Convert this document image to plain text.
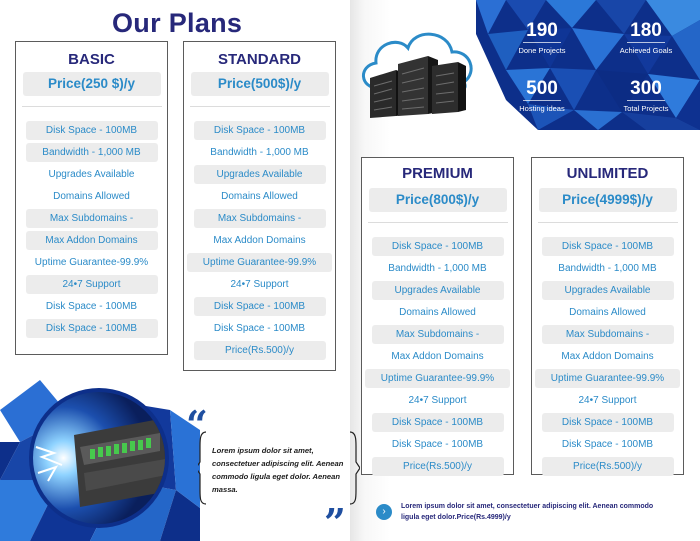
Our Plans
BASIC
Price(250 $)/y
Disk Space - 100MB
Bandwidth - 1,000 MB
Upgrades Available
Domains Allowed
Max Subdomains -
Max Addon Domains
Uptime Guarantee-99.9%
24•7 Support
Disk Space - 100MB
Disk Space - 100MB
STANDARD
Price(500$)/y
Disk Space - 100MB
Bandwidth - 1,000 MB
Upgrades Available
Domains Allowed
Max Subdomains -
Max Addon Domains
Uptime Guarantee-99.9%
24•7 Support
Disk Space - 100MB
Disk Space - 100MB
Price(Rs.500)/y
190
Done Projects
180
Achieved Goals
500
Hosting ideas
300
Total Projects
PREMIUM
Price(800$)/y
Disk Space - 100MB
Bandwidth - 1,000 MB
Upgrades Available
Domains Allowed
Max Subdomains -
Max Addon Domains
Uptime Guarantee-99.9%
24•7 Support
Disk Space - 100MB
Disk Space - 100MB
Price(Rs.500)/y
UNLIMITED
Price(4999$)/y
Disk Space - 100MB
Bandwidth - 1,000 MB
Upgrades Available
Domains Allowed
Max Subdomains -
Max Addon Domains
Uptime Guarantee-99.9%
24•7 Support
Disk Space - 100MB
Disk Space - 100MB
Price(Rs.500)/y
“
Lorem ipsum dolor sit amet, consectetuer adipiscing elit. Aenean commodo ligula eget dolor. Aenean massa.
”	›	Lorem ipsum dolor sit amet, consectetuer adipiscing elit. Aenean commodo ligula eget dolor.Price(Rs.4999)/y
